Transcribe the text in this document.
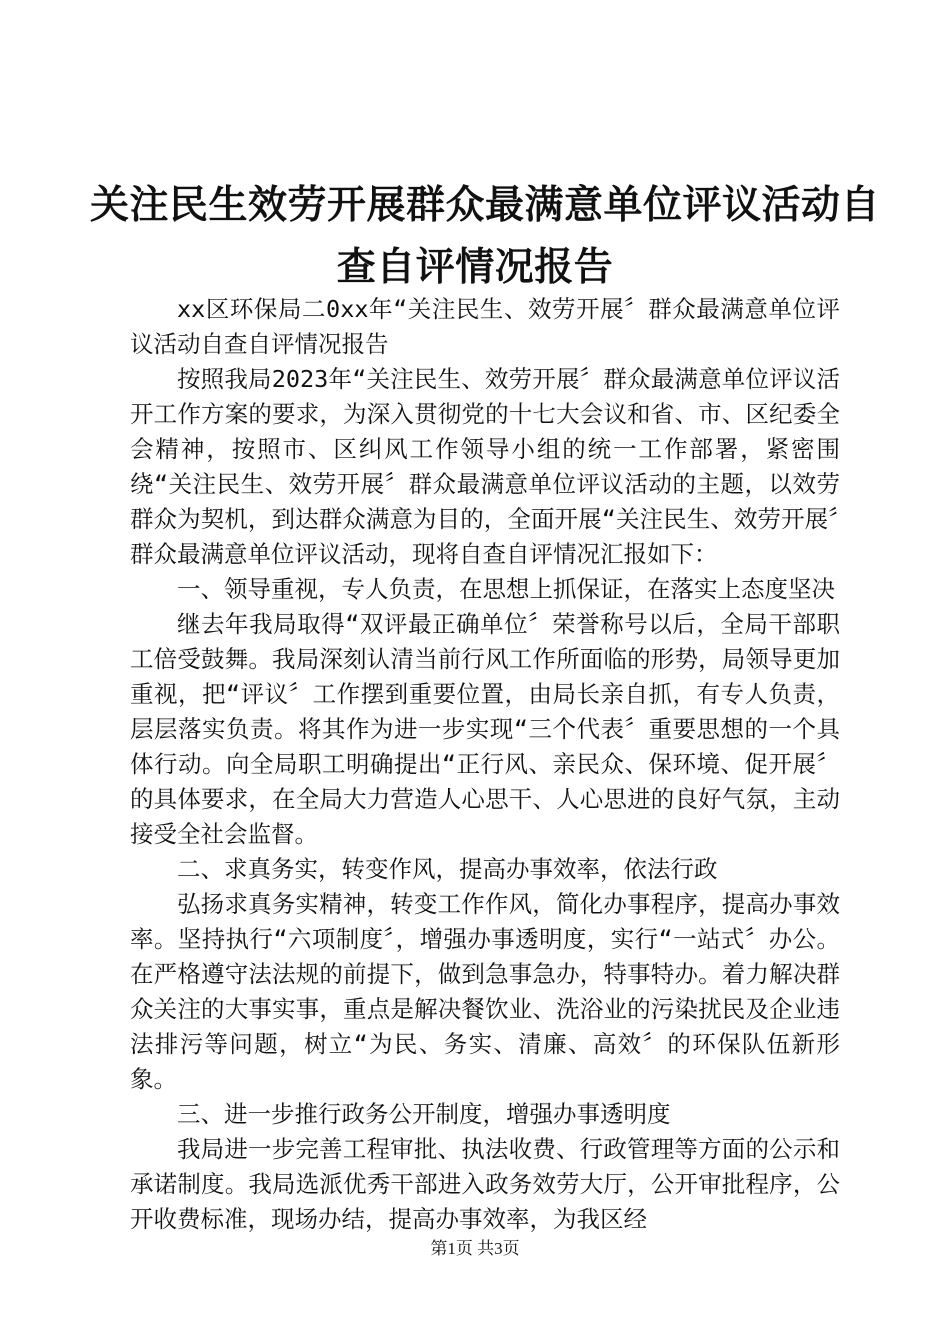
关注民生效劳开展群众最满意单位评议活动自
查自评情况报告

xx区环保局二0xx年“关注民生、效劳开展〞群众最满意单位评议活动自查自评情况报告

按照我局2023年“关注民生、效劳开展〞群众最满意单位评议活开工作方案的要求，为深入贯彻党的十七大会议和省、市、区纪委全会精神，按照市、区纠风工作领导小组的统一工作部署，紧密围绕“关注民生、效劳开展〞群众最满意单位评议活动的主题，以效劳群众为契机，到达群众满意为目的，全面开展“关注民生、效劳开展〞群众最满意单位评议活动，现将自查自评情况汇报如下：

一、领导重视，专人负责，在思想上抓保证，在落实上态度坚决

继去年我局取得“双评最正确单位〞荣誉称号以后，全局干部职工倍受鼓舞。我局深刻认清当前行风工作所面临的形势，局领导更加重视，把“评议〞工作摆到重要位置，由局长亲自抓，有专人负责，层层落实负责。将其作为进一步实现“三个代表〞重要思想的一个具体行动。向全局职工明确提出“正行风、亲民众、保环境、促开展〞的具体要求，在全局大力营造人心思干、人心思进的良好气氛，主动接受全社会监督。

二、求真务实，转变作风，提高办事效率，依法行政

弘扬求真务实精神，转变工作作风，简化办事程序，提高办事效率。坚持执行“六项制度〞，增强办事透明度，实行“一站式〞办公。在严格遵守法法规的前提下，做到急事急办，特事特办。着力解决群众关注的大事实事，重点是解决餐饮业、洗浴业的污染扰民及企业违法排污等问题，树立“为民、务实、清廉、高效〞的环保队伍新形象。

三、进一步推行政务公开制度，增强办事透明度

我局进一步完善工程审批、执法收费、行政管理等方面的公示和承诺制度。我局选派优秀干部进入政务效劳大厅，公开审批程序，公开收费标准，现场办结，提高办事效率，为我区经

第1页 共3页
